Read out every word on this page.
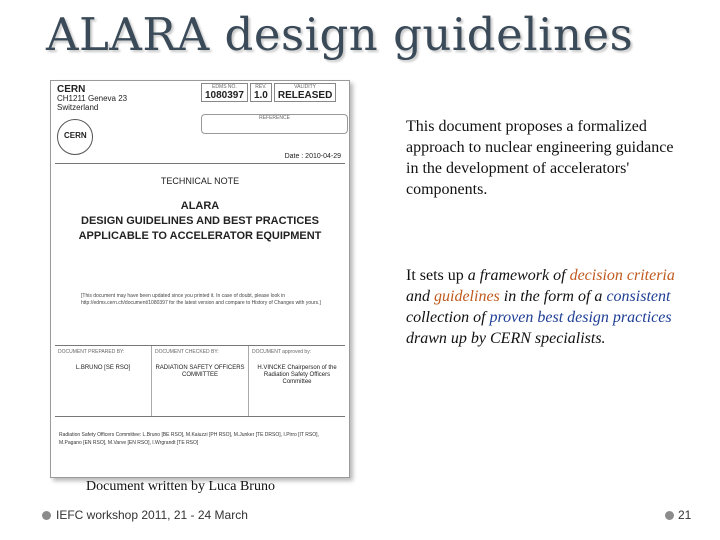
ALARA design guidelines
CERN
CH1211 Geneva 23
Switzerland
EDMS NO.
1080397
REV.
1.0
VALIDITY
RELEASED
REFERENCE
CERN
Date : 2010-04-29
TECHNICAL NOTE
ALARA
DESIGN GUIDELINES AND BEST PRACTICES
APPLICABLE TO ACCELERATOR EQUIPMENT
[This document may have been updated since you printed it. In case of doubt, please look in http://edms.cern.ch/document/1080397 for the latest version and compare to History of Changes with yours.]
DOCUMENT PREPARED BY:
L.BRUNO [SE RSO]
DOCUMENT CHECKED BY:
RADIATION SAFETY OFFICERS COMMITTEE
DOCUMENT approved by:
H.VINCKE Chairperson of the Radiation Safety Officers Committee
Radiation Safety Officers Committee: L.Bruno [BE RSO], M.Kaiuzzi [PH RSO], M.Junker [TE DRSO], I.Pirro [IT RSO], M.Pagano [EN RSO], M.Varve [EN RSO], I.Wrgrandt [TE RSO]
This document proposes a formalized approach to nuclear engineering guidance in the development of accelerators' components.
It sets up a framework of decision criteria and guidelines in the form of a consistent collection of proven best design practices drawn up by CERN specialists.
Document written by Luca Bruno
IEFC workshop 2011, 21 - 24 March	21
